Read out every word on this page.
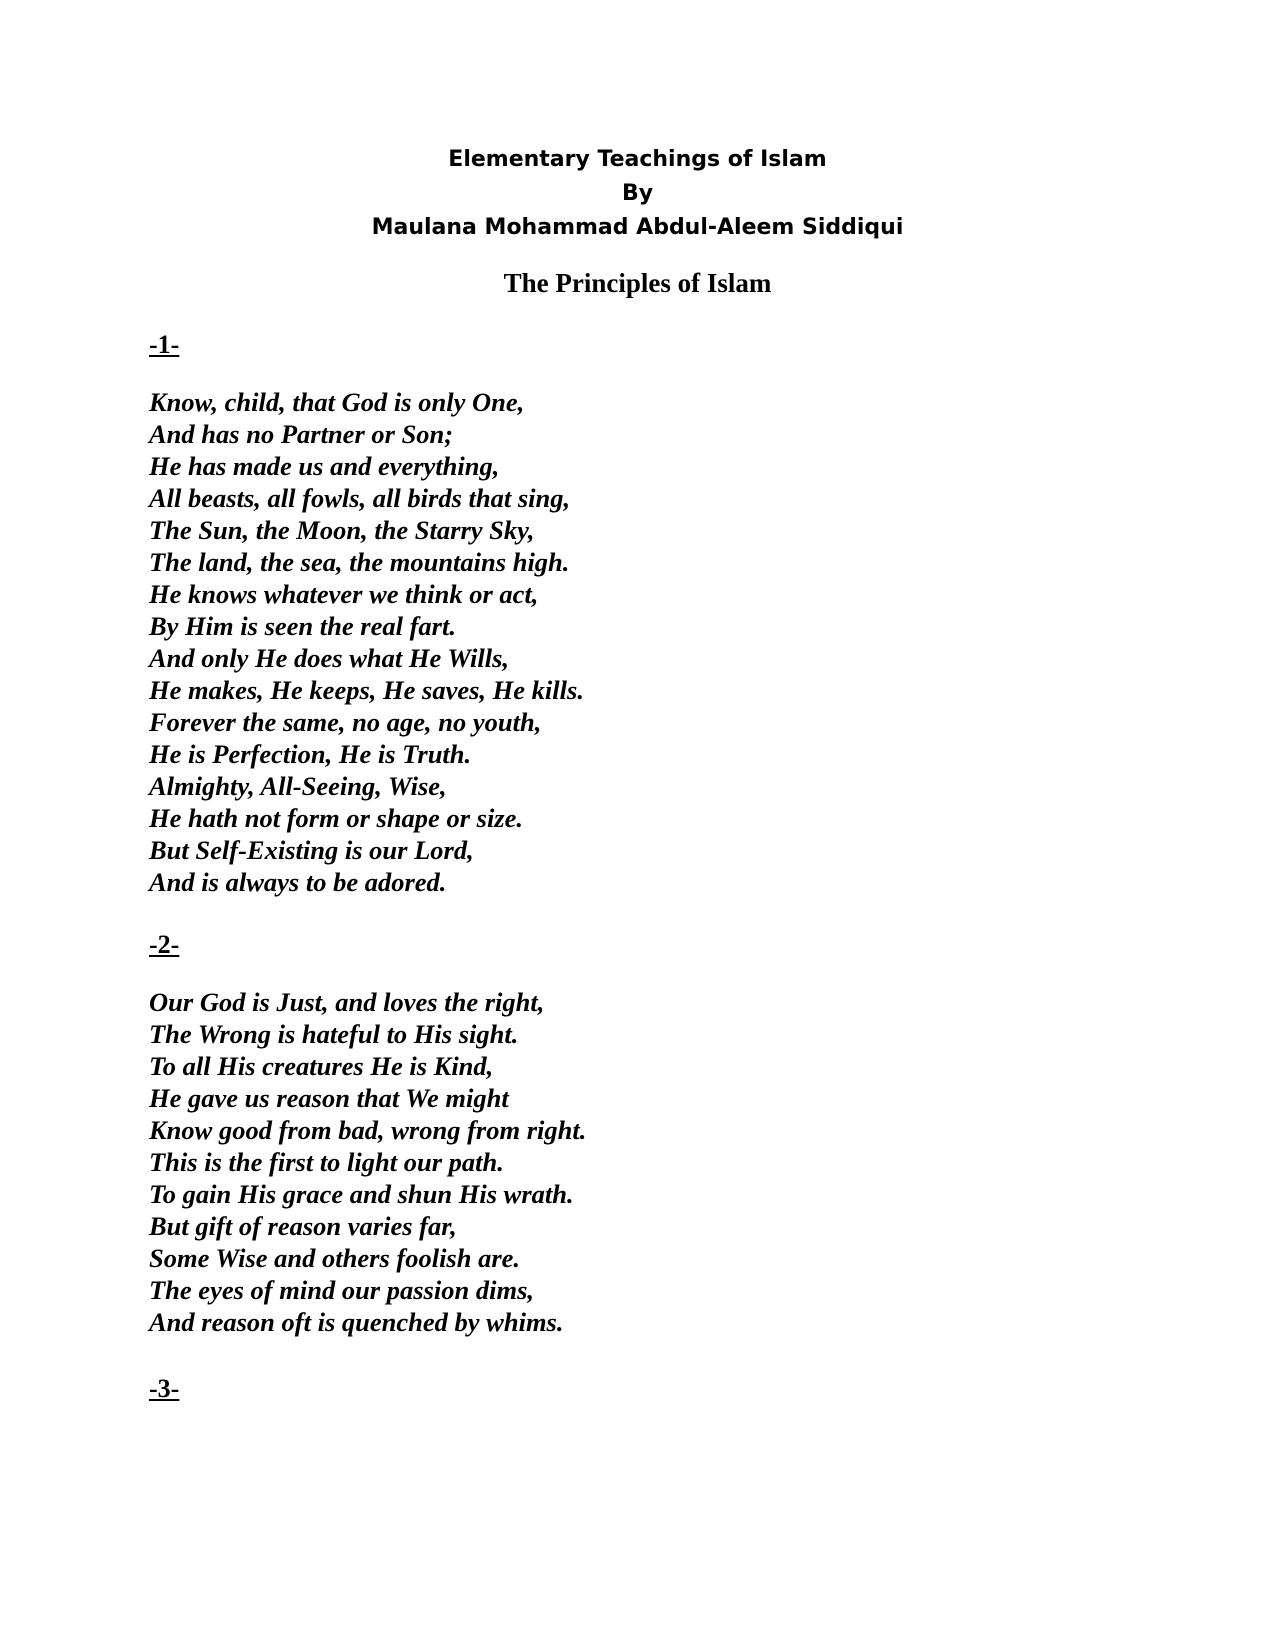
Elementary Teachings of Islam
By
Maulana Mohammad Abdul-Aleem Siddiqui
The Principles of Islam
-1-
Know, child, that God is only One,
And has no Partner or Son;
He has made us and everything,
All beasts, all fowls, all birds that sing,
The Sun, the Moon, the Starry Sky,
The land, the sea, the mountains high.
He knows whatever we think or act,
By Him is seen the real fart.
And only He does what He Wills,
He makes, He keeps, He saves, He kills.
Forever the same, no age, no youth,
He is Perfection, He is Truth.
Almighty, All-Seeing, Wise,
He hath not form or shape or size.
But Self-Existing is our Lord,
And is always to be adored.
-2-
Our God is Just, and loves the right,
The Wrong is hateful to His sight.
To all His creatures He is Kind,
He gave us reason that We might
Know good from bad, wrong from right.
This is the first to light our path.
To gain His grace and shun His wrath.
But gift of reason varies far,
Some Wise and others foolish are.
The eyes of mind our passion dims,
And reason oft is quenched by whims.
-3-
